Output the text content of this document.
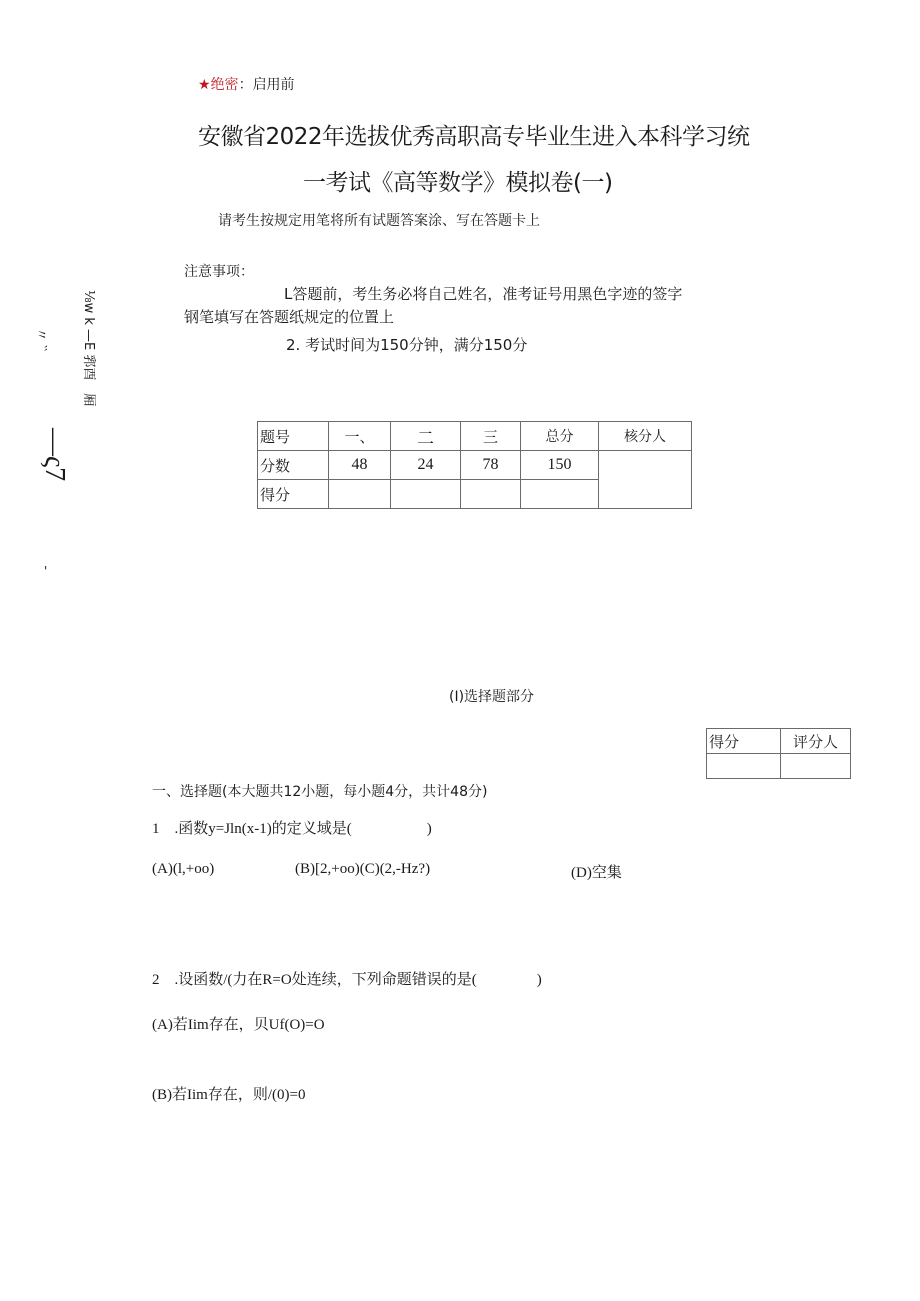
★绝密：启用前
安徽省2022年选拔优秀高职高专毕业生进入本科学习统
一考试《高等数学》模拟卷(一)
请考生按规定用笔将所有试题答案涂、写在答题卡上
注意事项：
L答题前，考生务必将自己姓名，准考证号用黑色字迹的签字
钢笔填写在答题纸规定的位置上
2. 考试时间为150分钟，满分150分
⅛w k —E 郛酉　厢
〃 ‵‵
—ς7
'
题号	一、	二	三	总分	核分人
分数	48	24	78	150	
得分					
(I)选择题部分
得分	评分人

一、选择题(本大题共12小题，每小题4分，共计48分)
1　.函数y=Jln(x-1)的定义域是(　　　　　)
(A)(l,+oo)	(B)[2,+oo)(C)(2,-Hz?)	(D)空集
2　.设函数/(力在R=O处连续，下列命题错误的是(　　　　)
(A)若Iim存在，贝Uf(O)=O
(B)若Iim存在，则/(0)=0
